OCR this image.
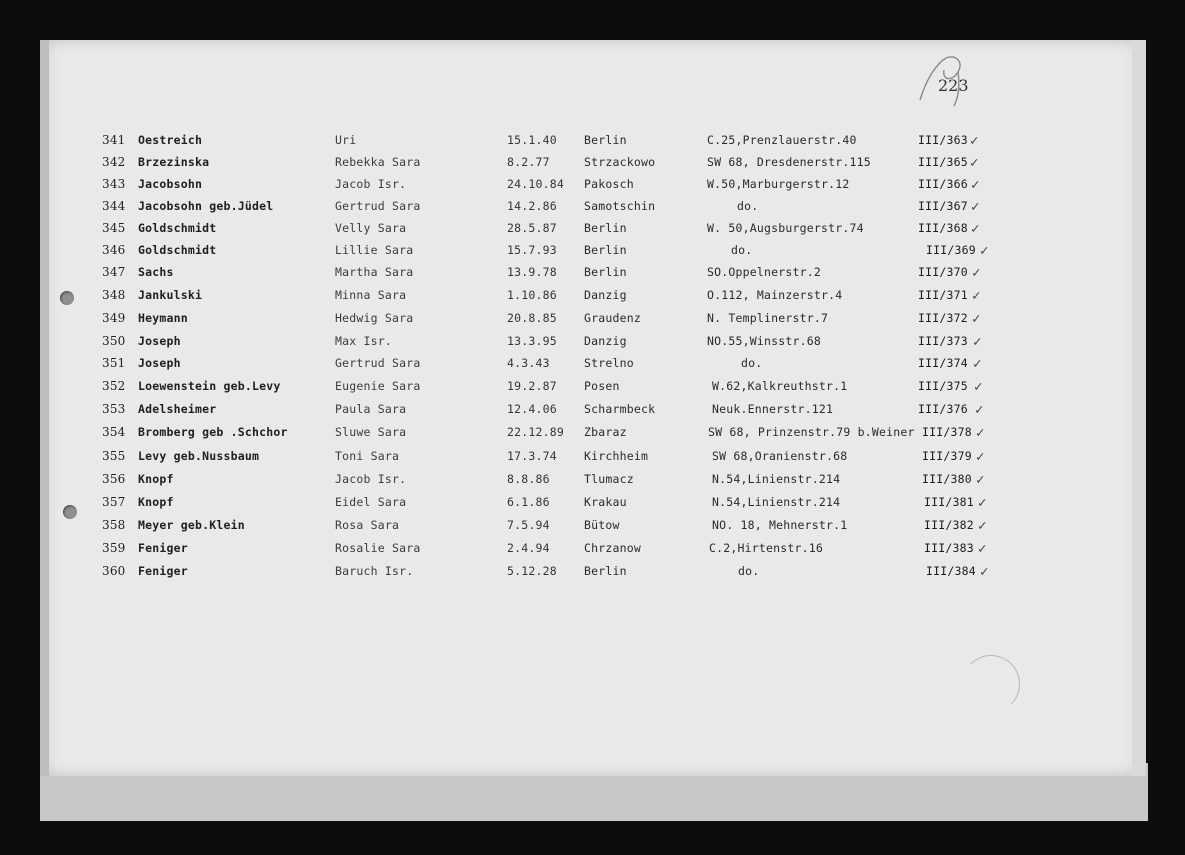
223
341 Oestreich	Uri	15.1.40 Berlin	C.25,Prenzlauerstr.40	III/363 ✓
342 Brzezinska	Rebekka Sara	8.2.77	Strzackowo	SW 68, Dresdenerstr.115	III/365 ✓
343 Jacobsohn	Jacob Isr.	24.10.84 Pakosch	W.50,Marburgerstr.12	III/366 ✓
344 Jacobsohn geb.Jüdel	Gertrud Sara	14.2.86 Samotschin	do.	III/367 ✓
345 Goldschmidt	Velly Sara	28.5.87 Berlin	W. 50,Augsburgerstr.74	III/368 ✓
346 Goldschmidt	Lillie Sara	15.7.93 Berlin	do.	III/369 ✓
347 Sachs	Martha Sara	13.9.78 Berlin	SO.Oppelnerstr.2	III/370 ✓
348 Jankulski	Minna Sara	1.10.86 Danzig	O.112, Mainzerstr.4	III/371 ✓
349 Heymann	Hedwig Sara	20.8.85 Graudenz	N. Templinerstr.7	III/372 ✓
350 Joseph	Max Isr.	13.3.95 Danzig	NO.55,Winsstr.68	III/373 ✓
351 Joseph	Gertrud Sara	4.3.43	Strelno	do.	III/374 ✓
352 Loewenstein geb.Levy	Eugenie Sara	19.2.87 Posen	W.62,Kalkreuthstr.1	III/375 ✓
353 Adelsheimer	Paula Sara	12.4.06 Scharmbeck	Neuk.Ennerstr.121	III/376 ✓
354 Bromberg geb .Schchor	Sluwe Sara	22.12.89 Zbaraz	SW 68, Prinzenstr.79 b.Weiner III/378 ✓
355 Levy geb.Nussbaum	Toni Sara	17.3.74 Kirchheim	SW 68,Oranienstr.68	III/379 ✓
356 Knopf	Jacob Isr.	8.8.86	Tlumacz	N.54,Linienstr.214	III/380 ✓
357 Knopf	Eidel Sara	6.1.86	Krakau	N.54,Linienstr.214	III/381 ✓
358 Meyer geb.Klein	Rosa Sara	7.5.94	Bütow	NO. 18, Mehnerstr.1	III/382 ✓
359 Feniger	Rosalie Sara	2.4.94	Chrzanow	C.2,Hirtenstr.16	III/383 ✓
360 Feniger	Baruch Isr.	5.12.28 Berlin	do.	III/384 ✓
